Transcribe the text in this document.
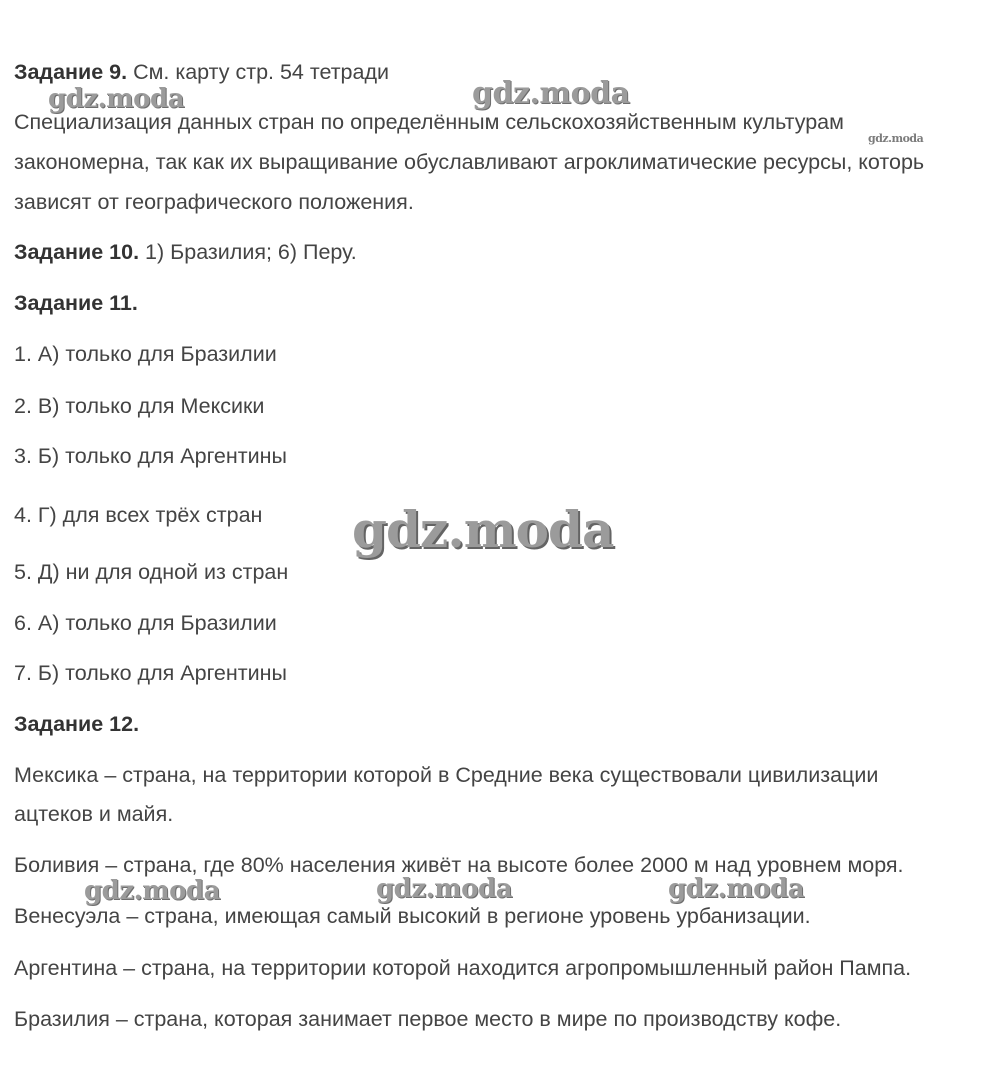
Задание 9. См. карту стр. 54 тетради
Специализация данных стран по определённым сельскохозяйственным культурам
закономерна, так как их выращивание обуславливают агроклиматические ресурсы, которь
зависят от географического положения.
Задание 10. 1) Бразилия; 6) Перу.
Задание 11.
1. А) только для Бразилии
2. В) только для Мексики
3. Б) только для Аргентины
4. Г) для всех трёх стран
5. Д) ни для одной из стран
6. А) только для Бразилии
7. Б) только для Аргентины
Задание 12.
Мексика – страна, на территории которой в Средние века существовали цивилизации
ацтеков и майя.
Боливия – страна, где 80% населения живёт на высоте более 2000 м над уровнем моря.
Венесуэла – страна, имеющая самый высокий в регионе уровень урбанизации.
Аргентина – страна, на территории которой находится агропромышленный район Пампа.
Бразилия – страна, которая занимает первое место в мире по производству кофе.
gdz.moda	gdz.moda
gdz.moda
gdz.moda
gdz.moda	gdz.moda	gdz.moda
